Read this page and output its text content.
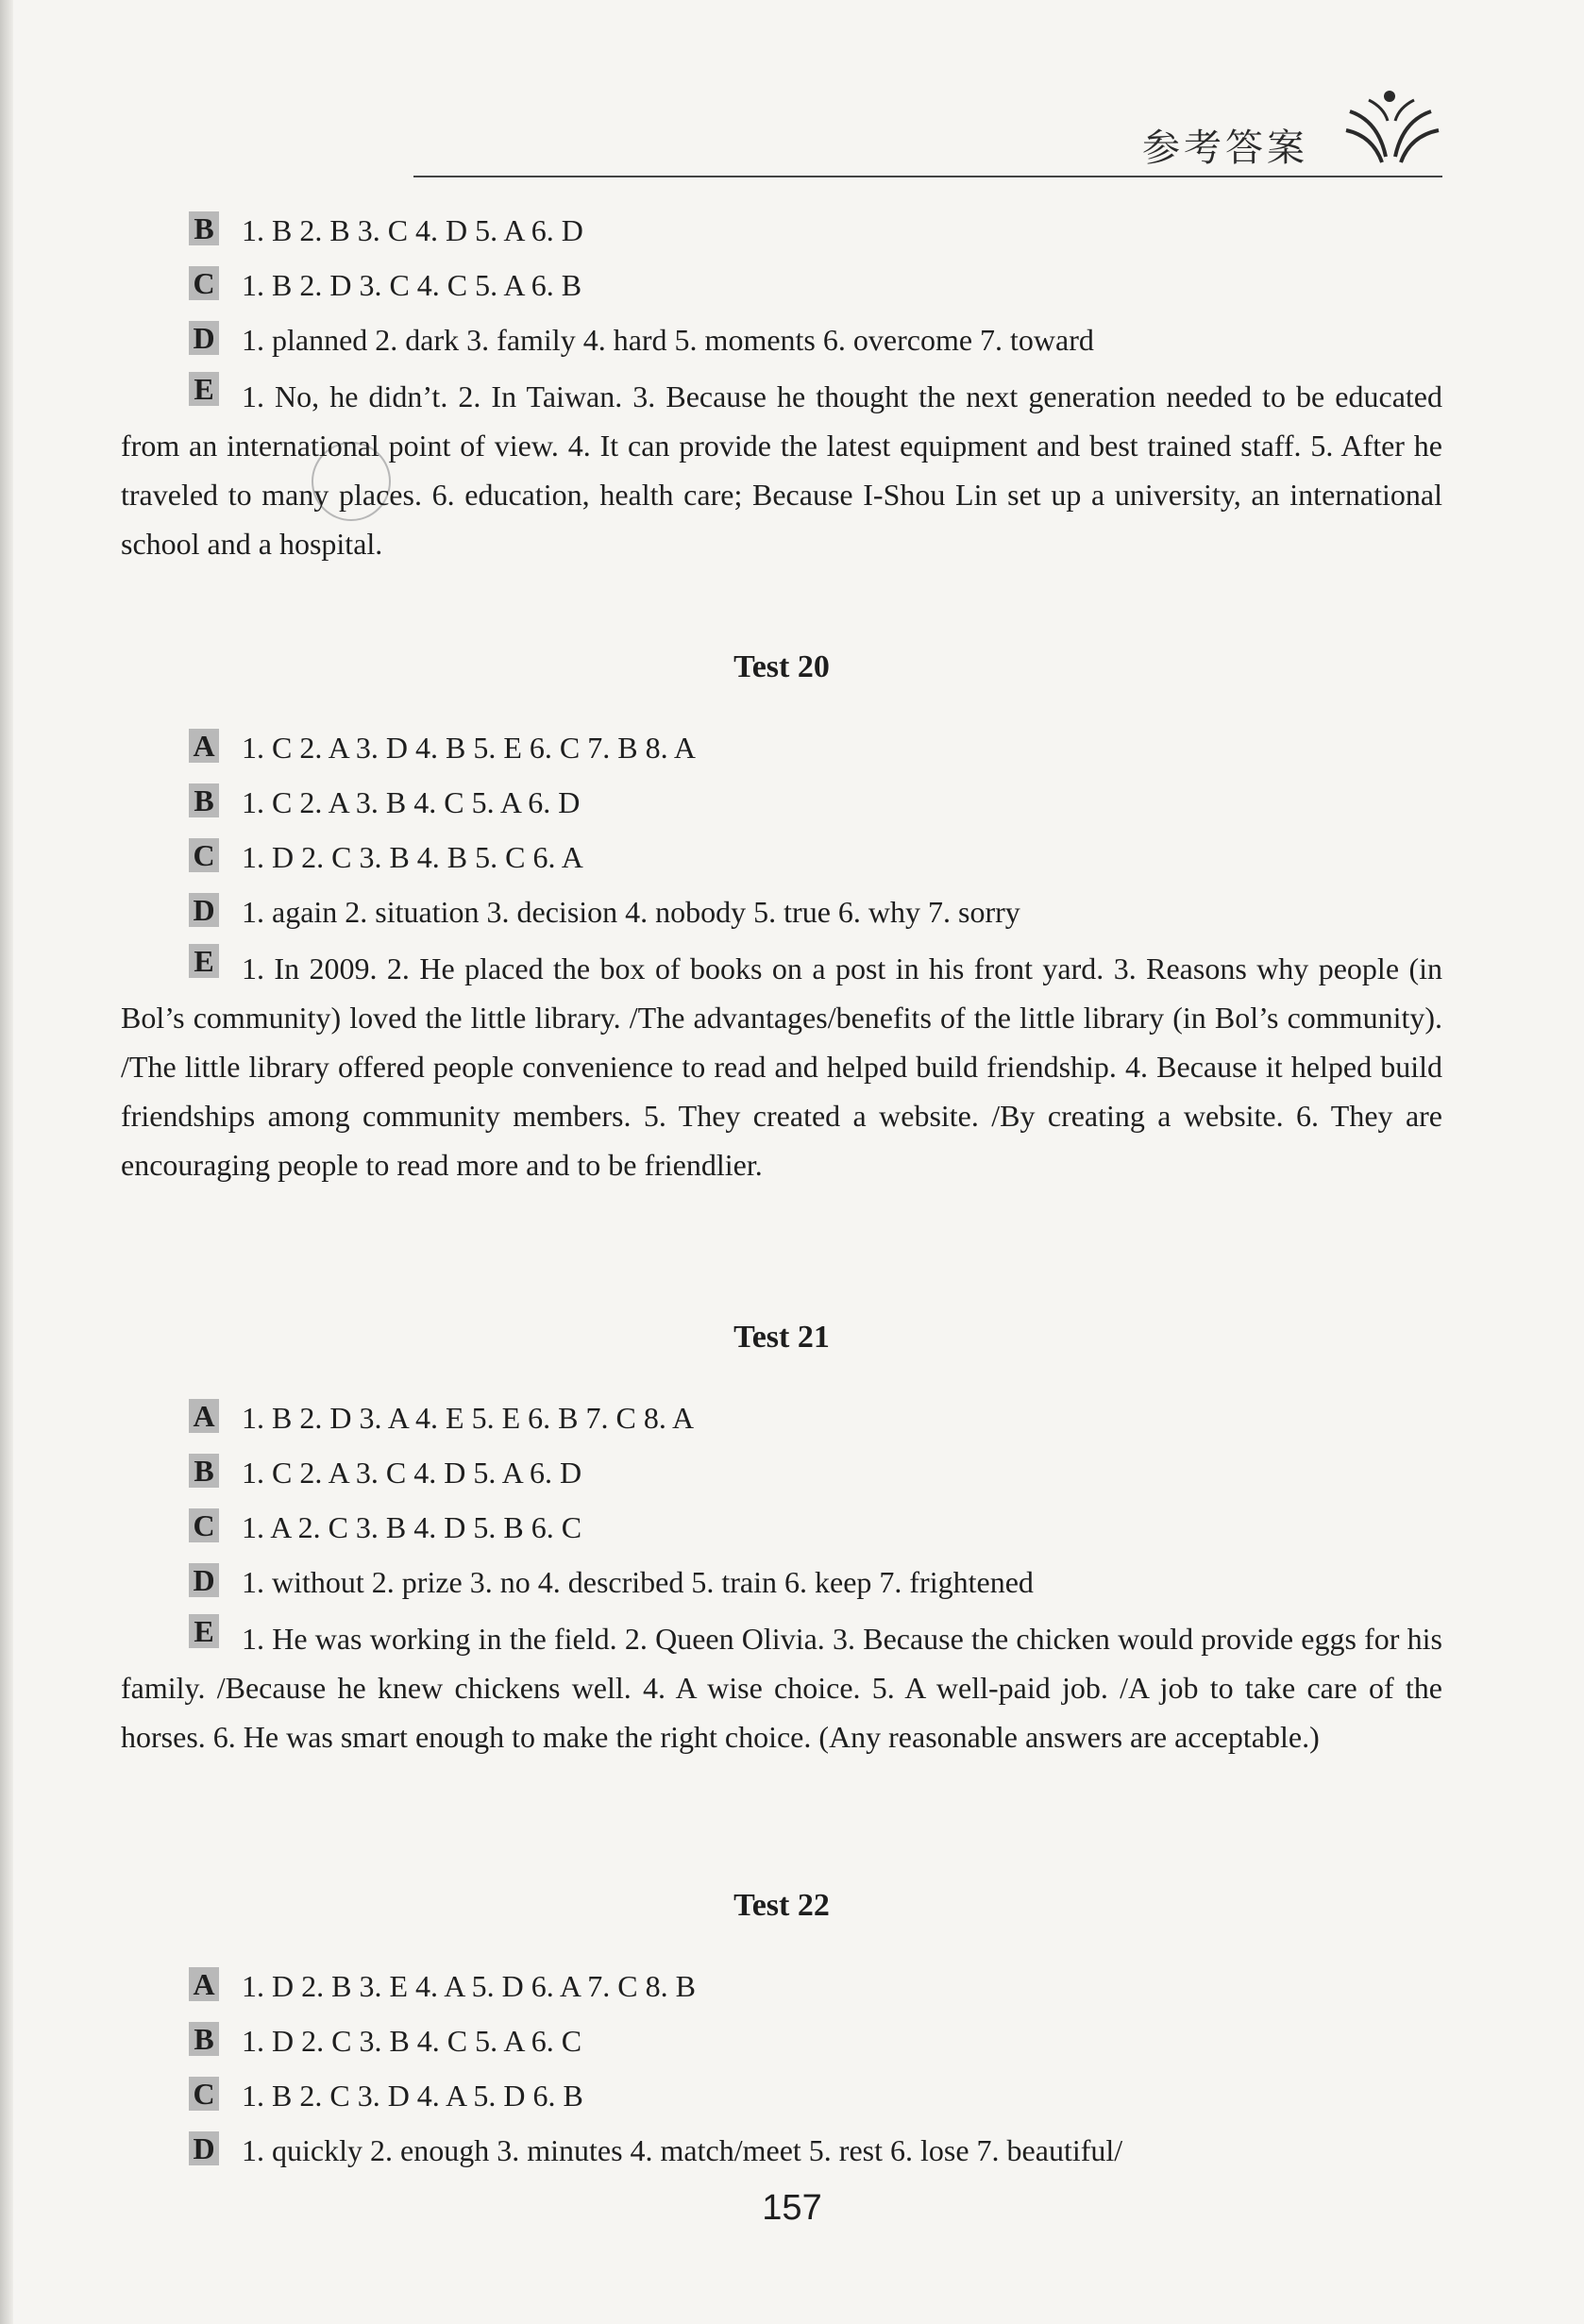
参考答案
B 1. B 2. B 3. C 4. D 5. A 6. D
C 1. B 2. D 3. C 4. C 5. A 6. B
D 1. planned 2. dark 3. family 4. hard 5. moments 6. overcome 7. toward
E 1. No, he didn’t. 2. In Taiwan. 3. Because he thought the next generation needed to be educated from an international point of view. 4. It can provide the latest equipment and best trained staff. 5. After he traveled to many places. 6. education, health care; Because I-Shou Lin set up a university, an international school and a hospital.
Test 20
A 1. C 2. A 3. D 4. B 5. E 6. C 7. B 8. A
B 1. C 2. A 3. B 4. C 5. A 6. D
C 1. D 2. C 3. B 4. B 5. C 6. A
D 1. again 2. situation 3. decision 4. nobody 5. true 6. why 7. sorry
E 1. In 2009. 2. He placed the box of books on a post in his front yard. 3. Reasons why people (in Bol’s community) loved the little library. /The advantages/benefits of the little library (in Bol’s community). /The little library offered people convenience to read and helped build friendship. 4. Because it helped build friendships among community members. 5. They created a website. /By creating a website. 6. They are encouraging people to read more and to be friendlier.
Test 21
A 1. B 2. D 3. A 4. E 5. E 6. B 7. C 8. A
B 1. C 2. A 3. C 4. D 5. A 6. D
C 1. A 2. C 3. B 4. D 5. B 6. C
D 1. without 2. prize 3. no 4. described 5. train 6. keep 7. frightened
E 1. He was working in the field. 2. Queen Olivia. 3. Because the chicken would provide eggs for his family. /Because he knew chickens well. 4. A wise choice. 5. A well-paid job. /A job to take care of the horses. 6. He was smart enough to make the right choice. (Any reasonable answers are acceptable.)
Test 22
A 1. D 2. B 3. E 4. A 5. D 6. A 7. C 8. B
B 1. D 2. C 3. B 4. C 5. A 6. C
C 1. B 2. C 3. D 4. A 5. D 6. B
D 1. quickly 2. enough 3. minutes 4. match/meet 5. rest 6. lose 7. beautiful/
157
